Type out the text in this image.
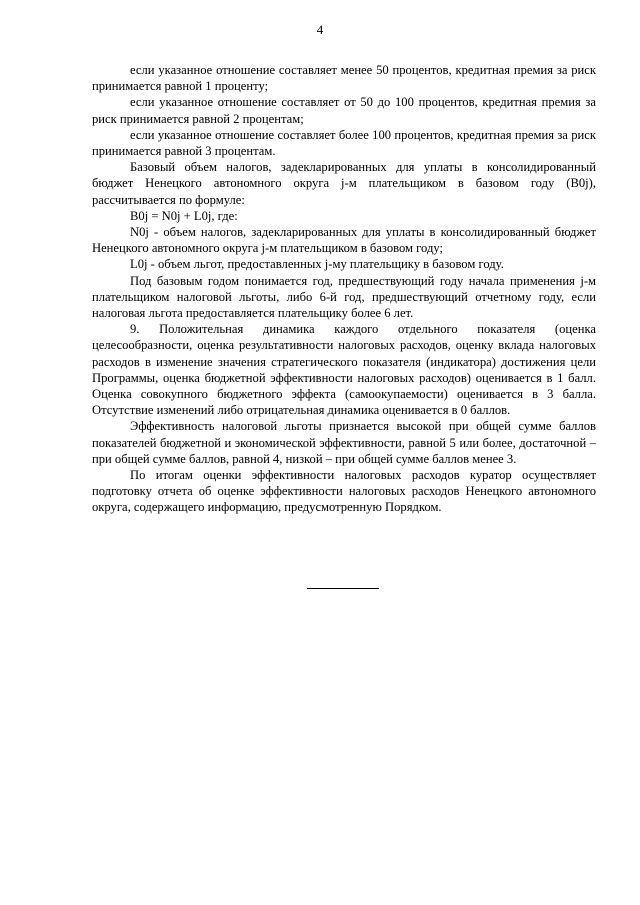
4

если указанное отношение составляет менее 50 процентов, кредитная премия за риск принимается равной 1 проценту;

если указанное отношение составляет от 50 до 100 процентов, кредитная премия за риск принимается равной 2 процентам;

если указанное отношение составляет более 100 процентов, кредитная премия за риск принимается равной 3 процентам.

Базовый объем налогов, задекларированных для уплаты в консолидированный бюджет Ненецкого автономного округа j-м плательщиком в базовом году (B0j), рассчитывается по формуле:

B0j = N0j + L0j, где:

N0j - объем налогов, задекларированных для уплаты в консолидированный бюджет Ненецкого автономного округа j-м плательщиком в базовом году;

L0j - объем льгот, предоставленных j-му плательщику в базовом году.

Под базовым годом понимается год, предшествующий году начала применения j-м плательщиком налоговой льготы, либо 6-й год, предшествующий отчетному году, если налоговая льгота предоставляется плательщику более 6 лет.

9. Положительная динамика каждого отдельного показателя (оценка целесообразности, оценка результативности налоговых расходов, оценку вклада налоговых расходов в изменение значения стратегического показателя (индикатора) достижения цели Программы, оценка бюджетной эффективности налоговых расходов) оценивается в 1 балл. Оценка совокупного бюджетного эффекта (самоокупаемости) оценивается в 3 балла. Отсутствие изменений либо отрицательная динамика оценивается в 0 баллов.

Эффективность налоговой льготы признается высокой при общей сумме баллов показателей бюджетной и экономической эффективности, равной 5 или более, достаточной –при общей сумме баллов, равной 4, низкой – при общей сумме баллов менее 3.

По итогам оценки эффективности налоговых расходов куратор осуществляет подготовку отчета об оценке эффективности налоговых расходов Ненецкого автономного округа, содержащего информацию, предусмотренную Порядком.
